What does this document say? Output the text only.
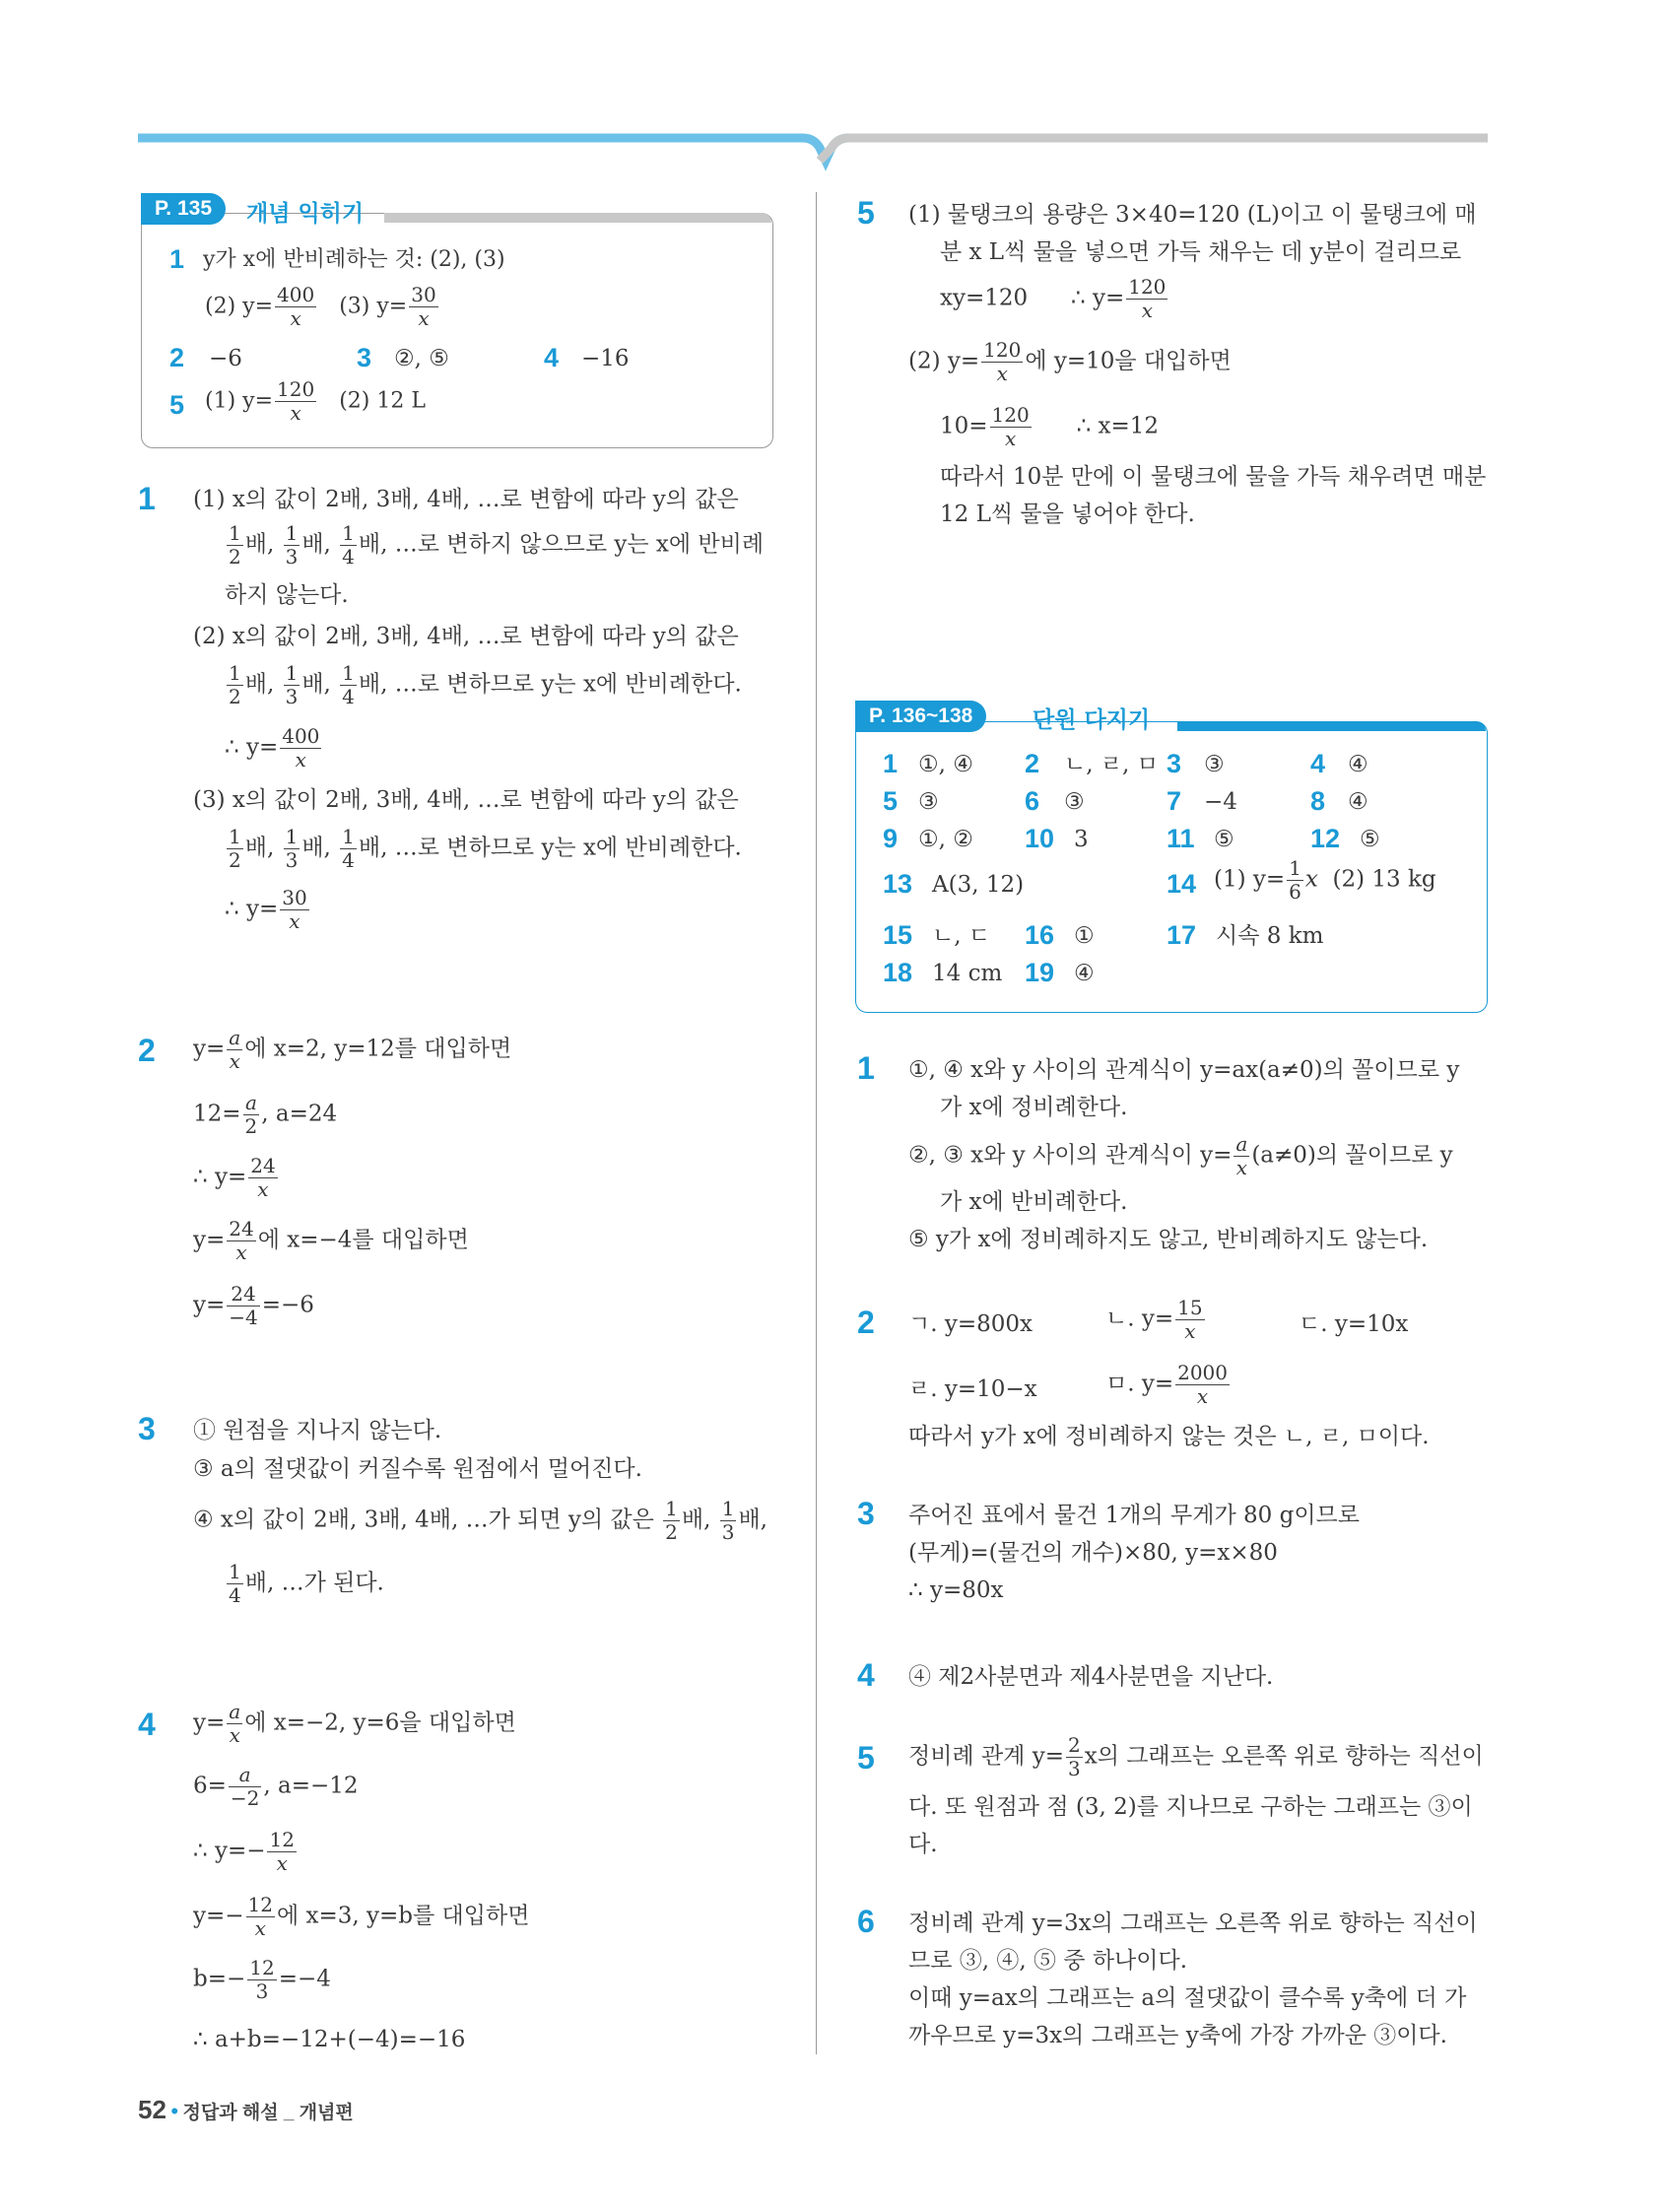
P. 135	개념 익히기
1 y가 x에 반비례하는 것: (2), (3)
(2) $y= \frac{400}{x} (3)$ $y= \frac{30}{x}$
2 −6	3 ②, ⑤	4 −16
5 (1) $y= \frac{120}{x} (2)$ 12 L
1 (1) x의 값이 2배, 3배, 4배, …로 변함에 따라 y의 값은
$\frac{1}{2}$ 배, $\frac{1}{3}$ 배, $\frac{1}{4}$ 배, …로 변하지 않으므로 y는 x에 반비례
하지 않는다.
(2) x의 값이 2배, 3배, 4배, …로 변함에 따라 y의 값은
$\frac{1}{2}$ 배, $\frac{1}{3}$ 배, $\frac{1}{4}$ 배, …로 변하므로 y는 x에 반비례한다.
∴ $y= \frac{400}{x}$
(3) x의 값이 2배, 3배, 4배, …로 변함에 따라 y의 값은
$\frac{1}{2}$ 배, $\frac{1}{3}$ 배, $\frac{1}{4}$ 배, …로 변하므로 y는 x에 반비례한다.
∴ $y= \frac{30}{x}$
2 $y= \frac{a}{x}$ 에 x=2, y=12를 대입하면
$12= \frac{a}{2}$ , a=24
∴ $y= \frac{24}{x}$
$y= \frac{24}{x}$ 에 x=−4를 대입하면
$y= \frac{24}{-4} =-6$
3 ① 원점을 지나지 않는다.
③ a의 절댓값이 커질수록 원점에서 멀어진다.
④ x의 값이 2배, 3배, 4배, …가 되면 y의 값은 $\frac{1}{2}$ 배, $\frac{1}{3}$ 배,
$\frac{1}{4}$ 배, …가 된다.
4 $y= \frac{a}{x}$ 에 x=−2, y=6을 대입하면
$6= \frac{a}{-2}$ , a=−12
∴ $y=- \frac{12}{x}$
$y=- \frac{12}{x}$ 에 x=3, y=b를 대입하면
$b=- \frac{12}{3} =-4$
∴ a+b=−12+(−4)=−16
5 (1) 물탱크의 용량은 3×40=120 (L)이고 이 물탱크에 매
분 x L씩 물을 넣으면 가득 채우는 데 y분이 걸리므로
xy=120 ∴ $y= \frac{120}{x}$
(2) $y= \frac{120}{x}$ 에 y=10을 대입하면
$10= \frac{120}{x}$ ∴ x=12
따라서 10분 만에 이 물탱크에 물을 가득 채우려면 매분
12 L씩 물을 넣어야 한다.
P. 136~138	단원 다지기
1 ①, ④ 2 ㄴ, ㄹ, ㅁ 3 ③	4 ④
5 ③	6 ③	7 −4	8 ④
9 ①, ② 10 3	11 ⑤	12 ⑤
13 A(3, 12)	14 (1) $y= \frac{1}{6}$ x (2) 13 kg
15 ㄴ, ㄷ 16 ①	17 시속 8 km
18 14 cm 19 ④
1 ①, ④ x와 y 사이의 관계식이 y=ax(a≠0)의 꼴이므로 y
가 x에 정비례한다.
②, ③ x와 y 사이의 관계식이 $y= \frac{a}{x} (a\ne 0)$의 꼴이므로 y
가 x에 반비례한다.
⑤ y가 x에 정비례하지도 않고, 반비례하지도 않는다.
2 ㄱ. y=800x	ㄴ. $y= \frac{15}{x}$	ㄷ. y=10x
ㄹ. y=10−x	ㅁ. $y= \frac{2000}{x}$
따라서 y가 x에 정비례하지 않는 것은 ㄴ, ㄹ, ㅁ이다.
3 주어진 표에서 물건 1개의 무게가 80 g이므로
(무게)=(물건의 개수)×80, y=x×80
∴ y=80x
4 ④ 제2사분면과 제4사분면을 지난다.
5 정비례 관계 $y= \frac{2}{3}$ x의 그래프는 오른쪽 위로 향하는 직선이
다. 또 원점과 점 (3, 2)를 지나므로 구하는 그래프는 ③이
다.
6 정비례 관계 y=3x의 그래프는 오른쪽 위로 향하는 직선이
므로 ③, ④, ⑤ 중 하나이다.
이때 y=ax의 그래프는 a의 절댓값이 클수록 y축에 더 가
까우므로 y=3x의 그래프는 y축에 가장 가까운 ③이다.
52 • 정답과 해설 _ 개념편
